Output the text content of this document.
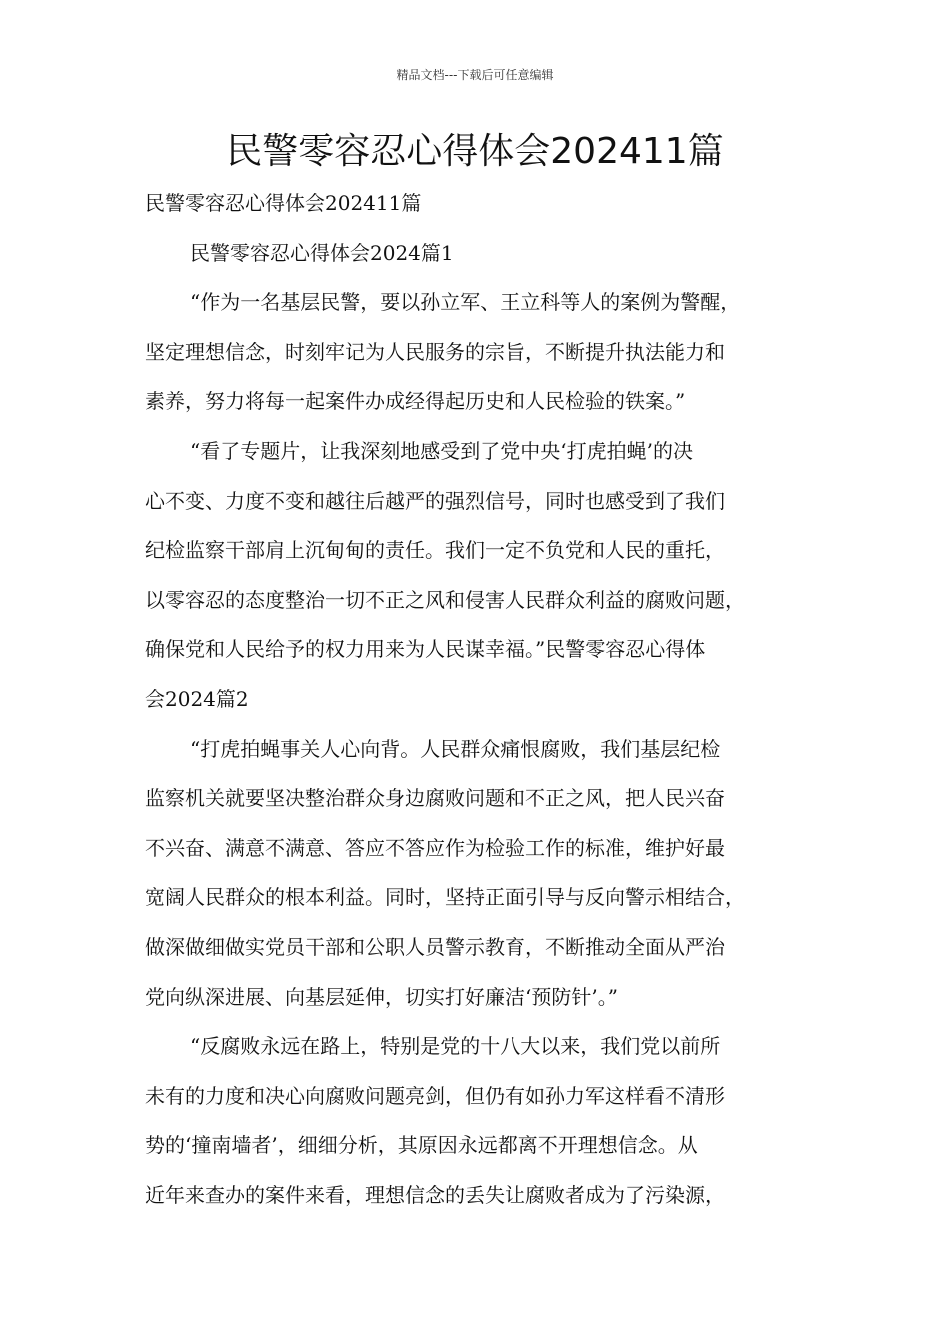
精品文档---下载后可任意编辑
民警零容忍心得体会202411篇
民警零容忍心得体会202411篇
民警零容忍心得体会2024篇1
“作为一名基层民警，要以孙立军、王立科等人的案例为警醒，
坚定理想信念，时刻牢记为人民服务的宗旨，不断提升执法能力和
素养，努力将每一起案件办成经得起历史和人民检验的铁案。”
“看了专题片，让我深刻地感受到了党中央‘打虎拍蝇’的决
心不变、力度不变和越往后越严的强烈信号，同时也感受到了我们
纪检监察干部肩上沉甸甸的责任。我们一定不负党和人民的重托，
以零容忍的态度整治一切不正之风和侵害人民群众利益的腐败问题，
确保党和人民给予的权力用来为人民谋幸福。”民警零容忍心得体
会2024篇2
“打虎拍蝇事关人心向背。人民群众痛恨腐败，我们基层纪检
监察机关就要坚决整治群众身边腐败问题和不正之风，把人民兴奋
不兴奋、满意不满意、答应不答应作为检验工作的标准，维护好最
宽阔人民群众的根本利益。同时，坚持正面引导与反向警示相结合，
做深做细做实党员干部和公职人员警示教育，不断推动全面从严治
党向纵深进展、向基层延伸，切实打好廉洁‘预防针’。”
“反腐败永远在路上，特别是党的十八大以来，我们党以前所
未有的力度和决心向腐败问题亮剑，但仍有如孙力军这样看不清形
势的‘撞南墙者’，细细分析，其原因永远都离不开理想信念。从
近年来查办的案件来看，理想信念的丢失让腐败者成为了污染源，
